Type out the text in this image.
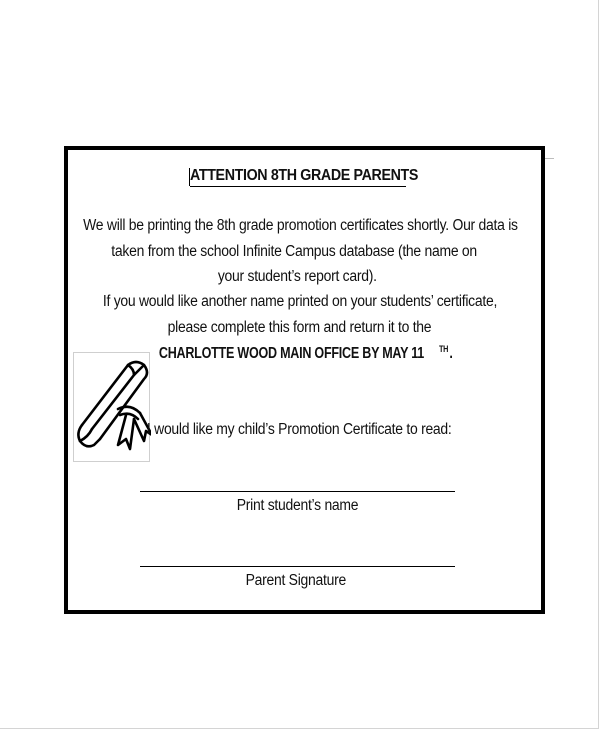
ATTENTION 8TH GRADE PARENTS
We will be printing the 8th grade promotion certificates shortly. Our data is
taken from the school Infinite Campus database (the name on
your student’s report card).
If you would like another name printed on your students’ certificate,
please complete this form and return it to the
CHARLOTTE WOOD MAIN OFFICE BY MAY 11 TH.
I would like my child’s Promotion Certificate to read:
Print student’s name
Parent Signature
